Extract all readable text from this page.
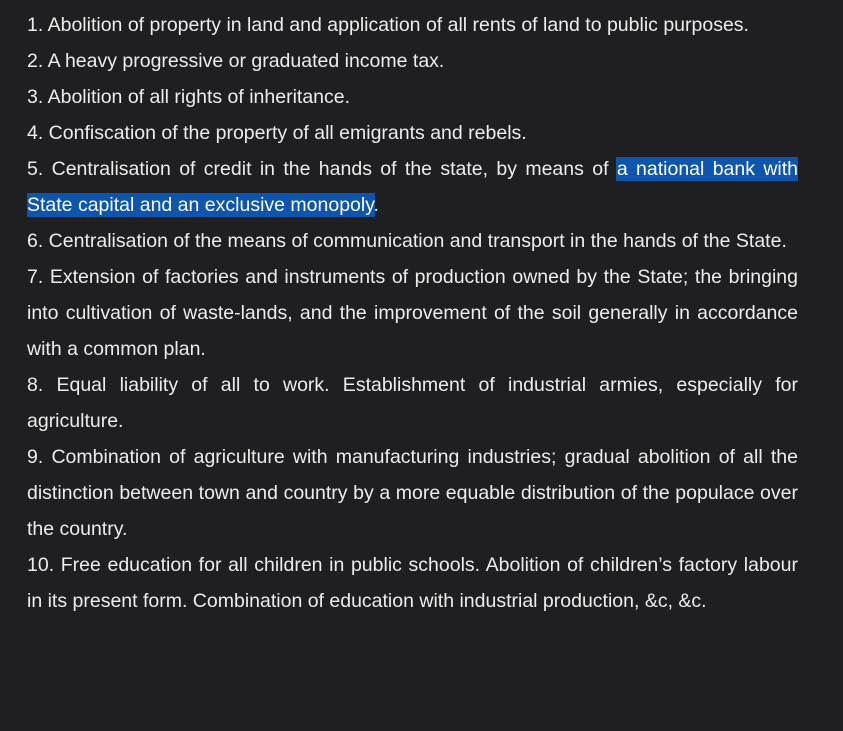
1. Abolition of property in land and application of all rents of land to public purposes.

2. A heavy progressive or graduated income tax.

3. Abolition of all rights of inheritance.

4. Confiscation of the property of all emigrants and rebels.

5. Centralisation of credit in the hands of the state, by means of a national bank with State capital and an exclusive monopoly.

6. Centralisation of the means of communication and transport in the hands of the State.

7. Extension of factories and instruments of production owned by the State; the bringing into cultivation of waste-lands, and the improvement of the soil generally in accordance with a common plan.

8. Equal liability of all to work. Establishment of industrial armies, especially for agriculture.

9. Combination of agriculture with manufacturing industries; gradual abolition of all the distinction between town and country by a more equable distribution of the populace over the country.

10. Free education for all children in public schools. Abolition of children’s factory labour in its present form. Combination of education with industrial production, &c, &c.
